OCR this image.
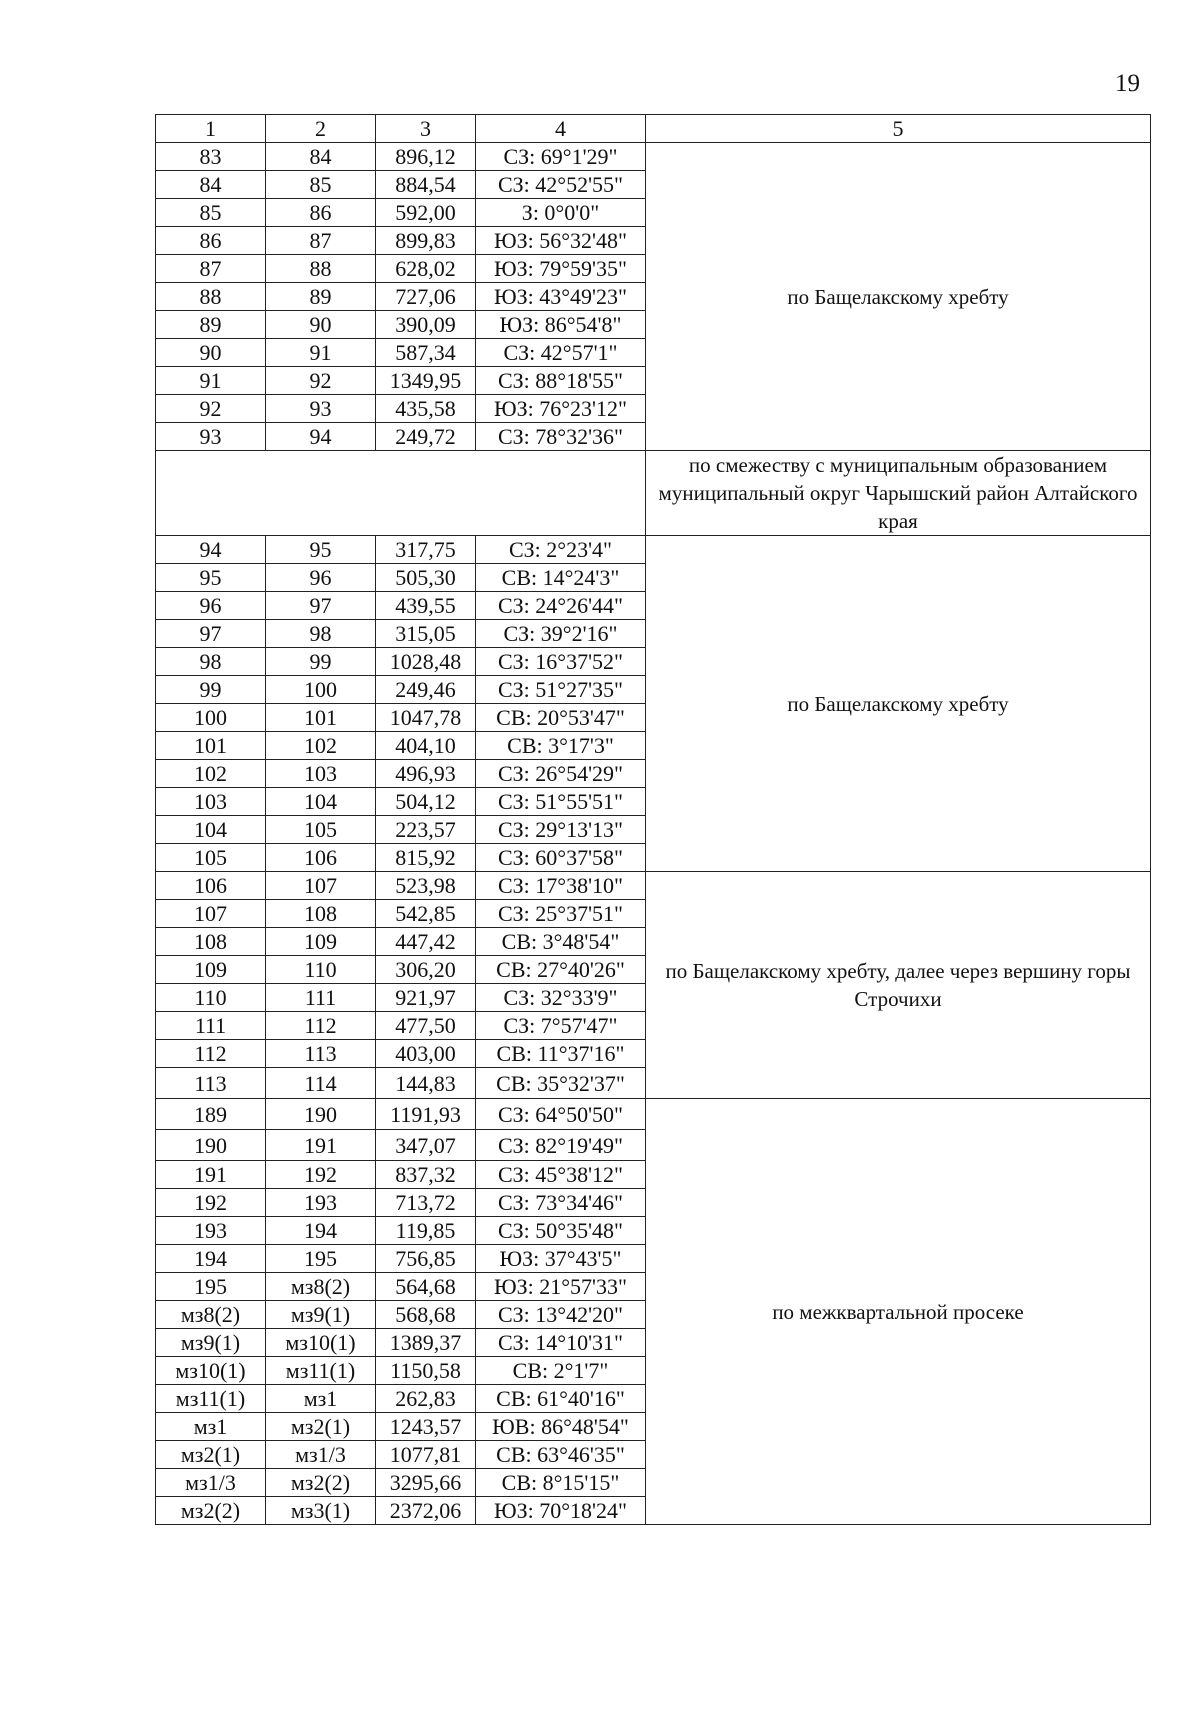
19
1	2	3	4	5
83	84	896,12	СЗ: 69°1'29"	по Бащелакскому хребту
84	85	884,54	СЗ: 42°52'55"	
85	86	592,00	З: 0°0'0"	
86	87	899,83	ЮЗ: 56°32'48"	
87	88	628,02	ЮЗ: 79°59'35"	
88	89	727,06	ЮЗ: 43°49'23"	
89	90	390,09	ЮЗ: 86°54'8"	
90	91	587,34	СЗ: 42°57'1"	
91	92	1349,95	СЗ: 88°18'55"	
92	93	435,58	ЮЗ: 76°23'12"	
93	94	249,72	СЗ: 78°32'36"	
				по смежеству с муниципальным образованием муниципальный округ Чарышский район Алтайского края
94	95	317,75	СЗ: 2°23'4"	по Бащелакскому хребту
95	96	505,30	СВ: 14°24'3"	
96	97	439,55	СЗ: 24°26'44"	
97	98	315,05	СЗ: 39°2'16"	
98	99	1028,48	СЗ: 16°37'52"	
99	100	249,46	СЗ: 51°27'35"	
100	101	1047,78	СВ: 20°53'47"	
101	102	404,10	СВ: 3°17'3"	
102	103	496,93	СЗ: 26°54'29"	
103	104	504,12	СЗ: 51°55'51"	
104	105	223,57	СЗ: 29°13'13"	
105	106	815,92	СЗ: 60°37'58"	
106	107	523,98	СЗ: 17°38'10"	по Бащелакскому хребту, далее через вершину горы Строчихи
107	108	542,85	СЗ: 25°37'51"	
108	109	447,42	СВ: 3°48'54"	
109	110	306,20	СВ: 27°40'26"	
110	111	921,97	СЗ: 32°33'9"	
111	112	477,50	СЗ: 7°57'47"	
112	113	403,00	СВ: 11°37'16"	
113	114	144,83	СВ: 35°32'37"	
189	190	1191,93	СЗ: 64°50'50"	по межквартальной просеке
190	191	347,07	СЗ: 82°19'49"	
191	192	837,32	СЗ: 45°38'12"	
192	193	713,72	СЗ: 73°34'46"	
193	194	119,85	СЗ: 50°35'48"	
194	195	756,85	ЮЗ: 37°43'5"	
195	мз8(2)	564,68	ЮЗ: 21°57'33"	
мз8(2)	мз9(1)	568,68	СЗ: 13°42'20"	
мз9(1)	мз10(1)	1389,37	СЗ: 14°10'31"	
мз10(1)	мз11(1)	1150,58	СВ: 2°1'7"	
мз11(1)	мз1	262,83	СВ: 61°40'16"	
мз1	мз2(1)	1243,57	ЮВ: 86°48'54"	
мз2(1)	мз1/3	1077,81	СВ: 63°46'35"	
мз1/3	мз2(2)	3295,66	СВ: 8°15'15"	
мз2(2)	мз3(1)	2372,06	ЮЗ: 70°18'24"	
